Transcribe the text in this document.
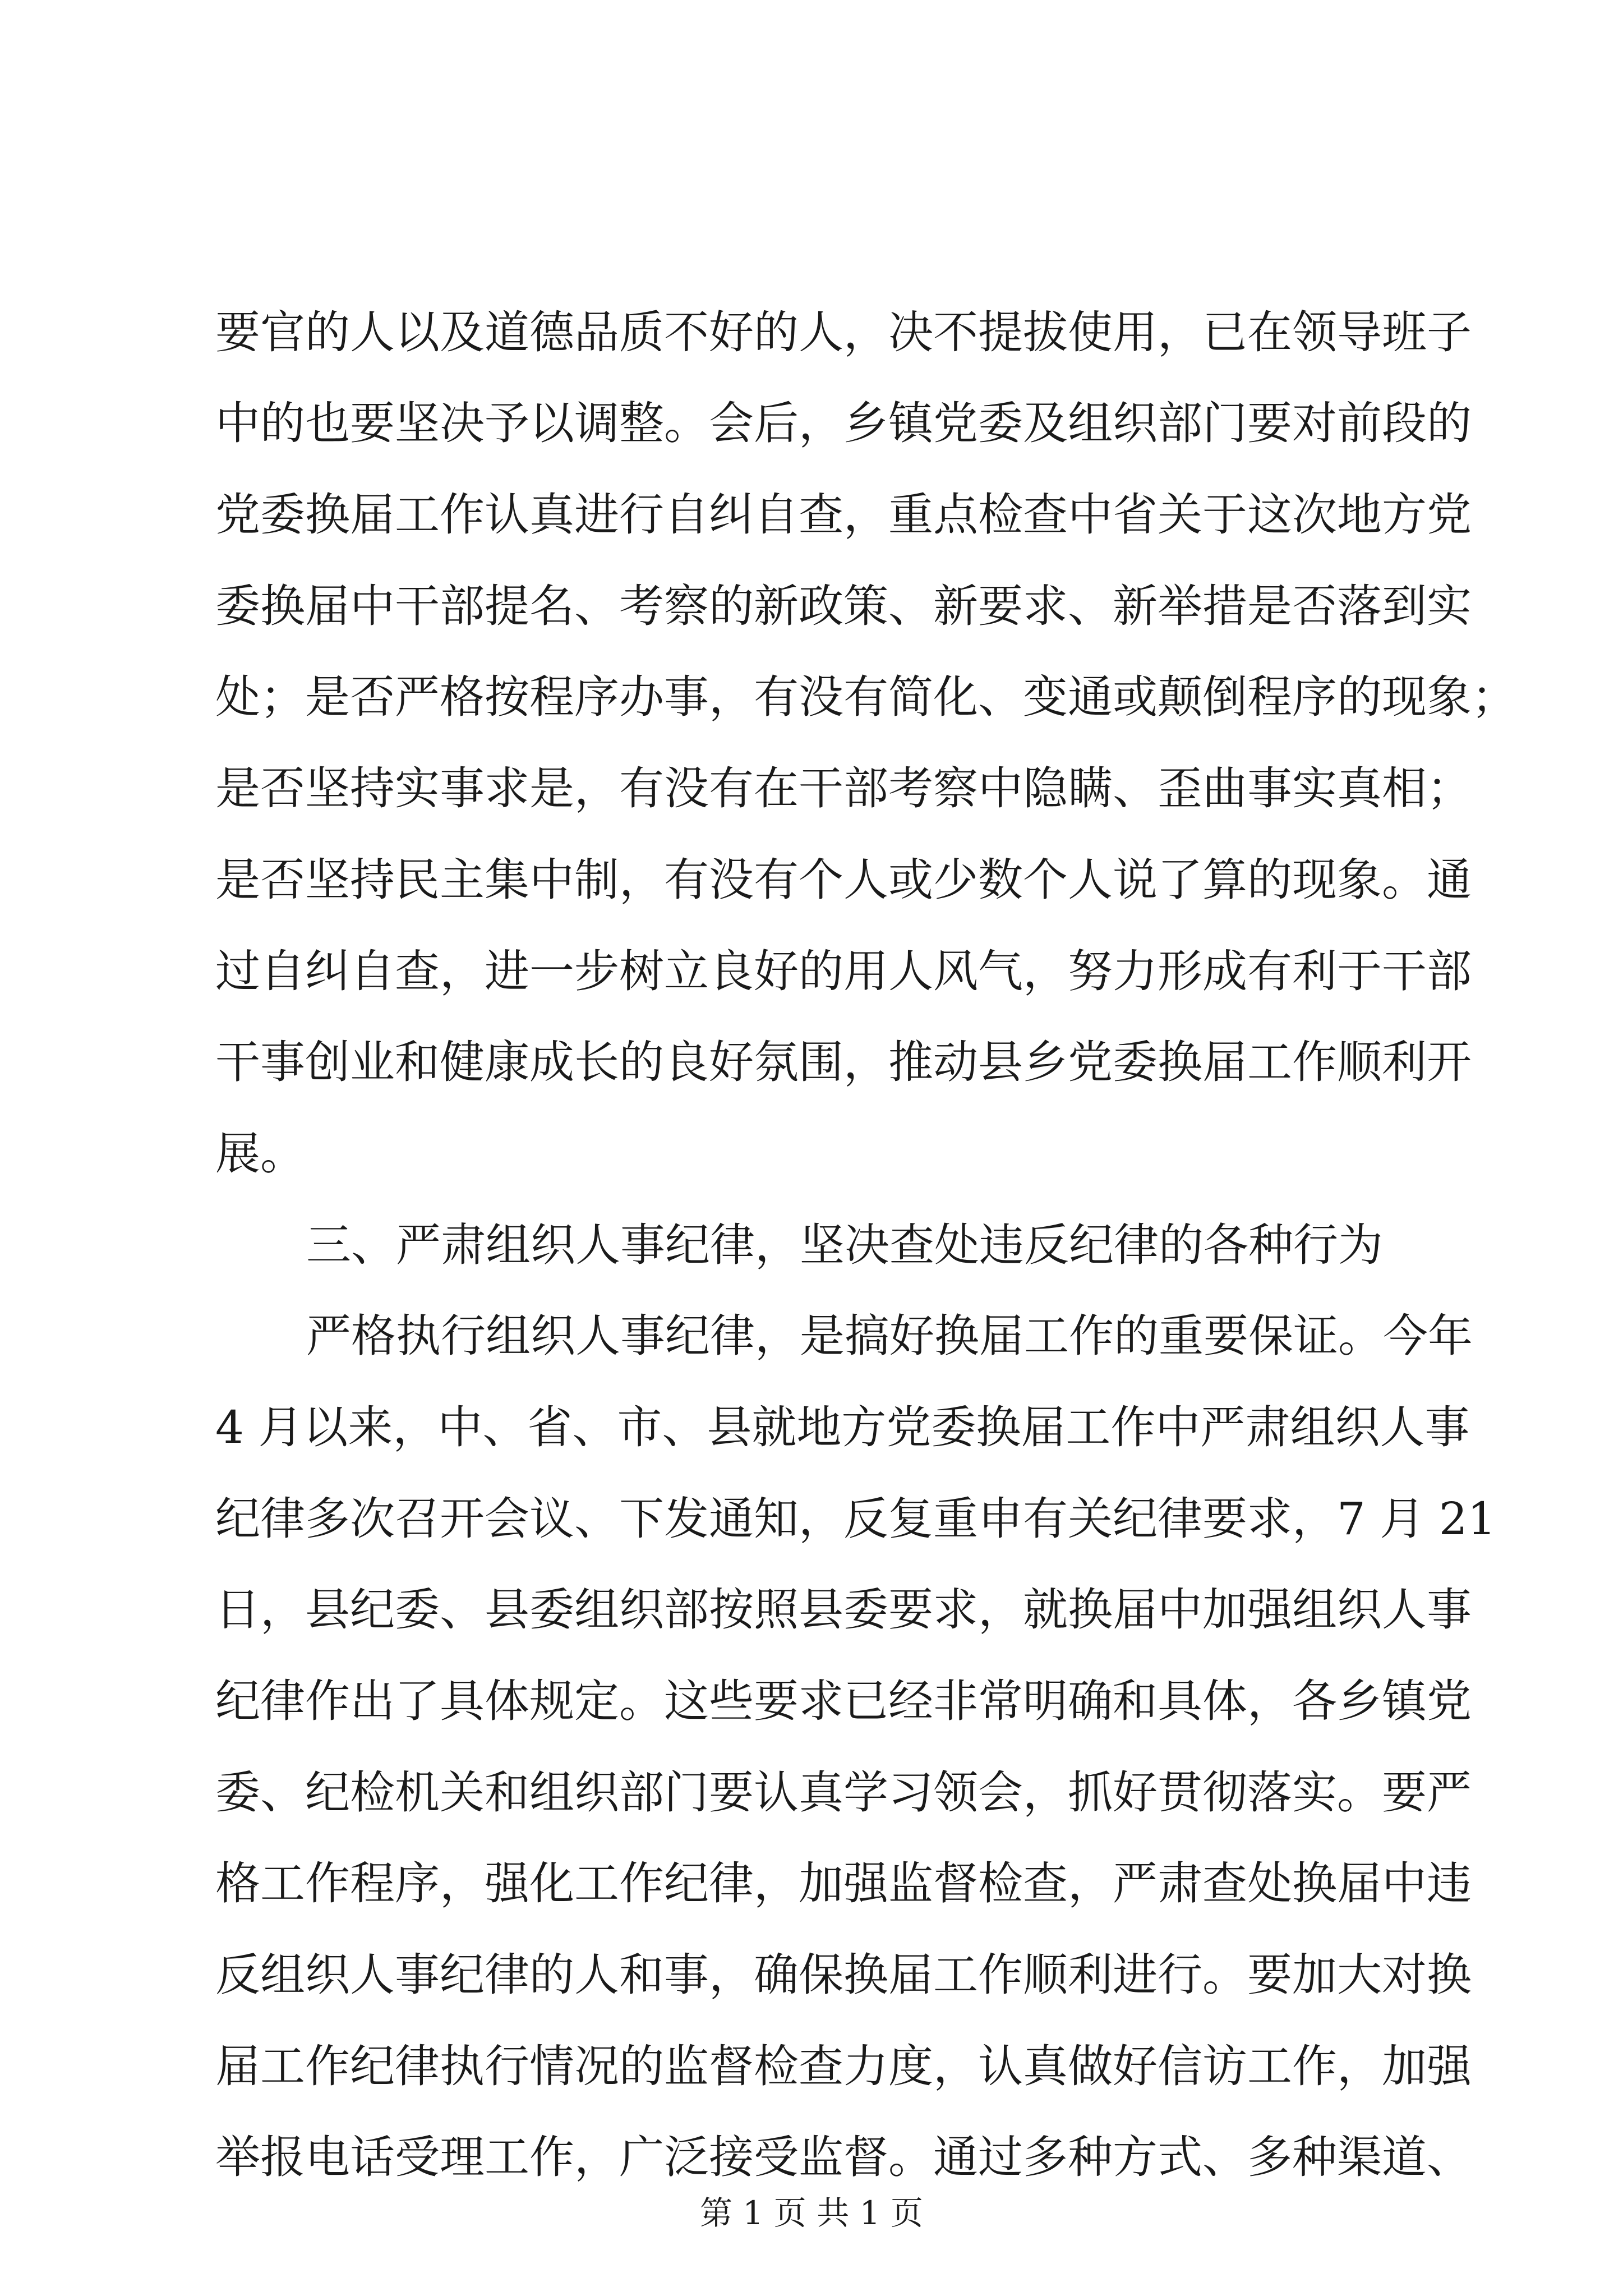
要官的人以及道德品质不好的人，决不提拔使用，已在领导班子
中的也要坚决予以调整。会后，乡镇党委及组织部门要对前段的
党委换届工作认真进行自纠自查，重点检查中省关于这次地方党
委换届中干部提名、考察的新政策、新要求、新举措是否落到实
处；是否严格按程序办事，有没有简化、变通或颠倒程序的现象；
是否坚持实事求是，有没有在干部考察中隐瞒、歪曲事实真相；
是否坚持民主集中制，有没有个人或少数个人说了算的现象。通
过自纠自查，进一步树立良好的用人风气，努力形成有利于干部
干事创业和健康成长的良好氛围，推动县乡党委换届工作顺利开
展。
三、严肃组织人事纪律，坚决查处违反纪律的各种行为
严格执行组织人事纪律，是搞好换届工作的重要保证。今年
4 月以来，中、省、市、县就地方党委换届工作中严肃组织人事
纪律多次召开会议、下发通知，反复重申有关纪律要求，7 月 21
日，县纪委、县委组织部按照县委要求，就换届中加强组织人事
纪律作出了具体规定。这些要求已经非常明确和具体，各乡镇党
委、纪检机关和组织部门要认真学习领会，抓好贯彻落实。要严
格工作程序，强化工作纪律，加强监督检查，严肃查处换届中违
反组织人事纪律的人和事，确保换届工作顺利进行。要加大对换
届工作纪律执行情况的监督检查力度，认真做好信访工作，加强
举报电话受理工作，广泛接受监督。通过多种方式、多种渠道、
第 1 页 共 1 页
